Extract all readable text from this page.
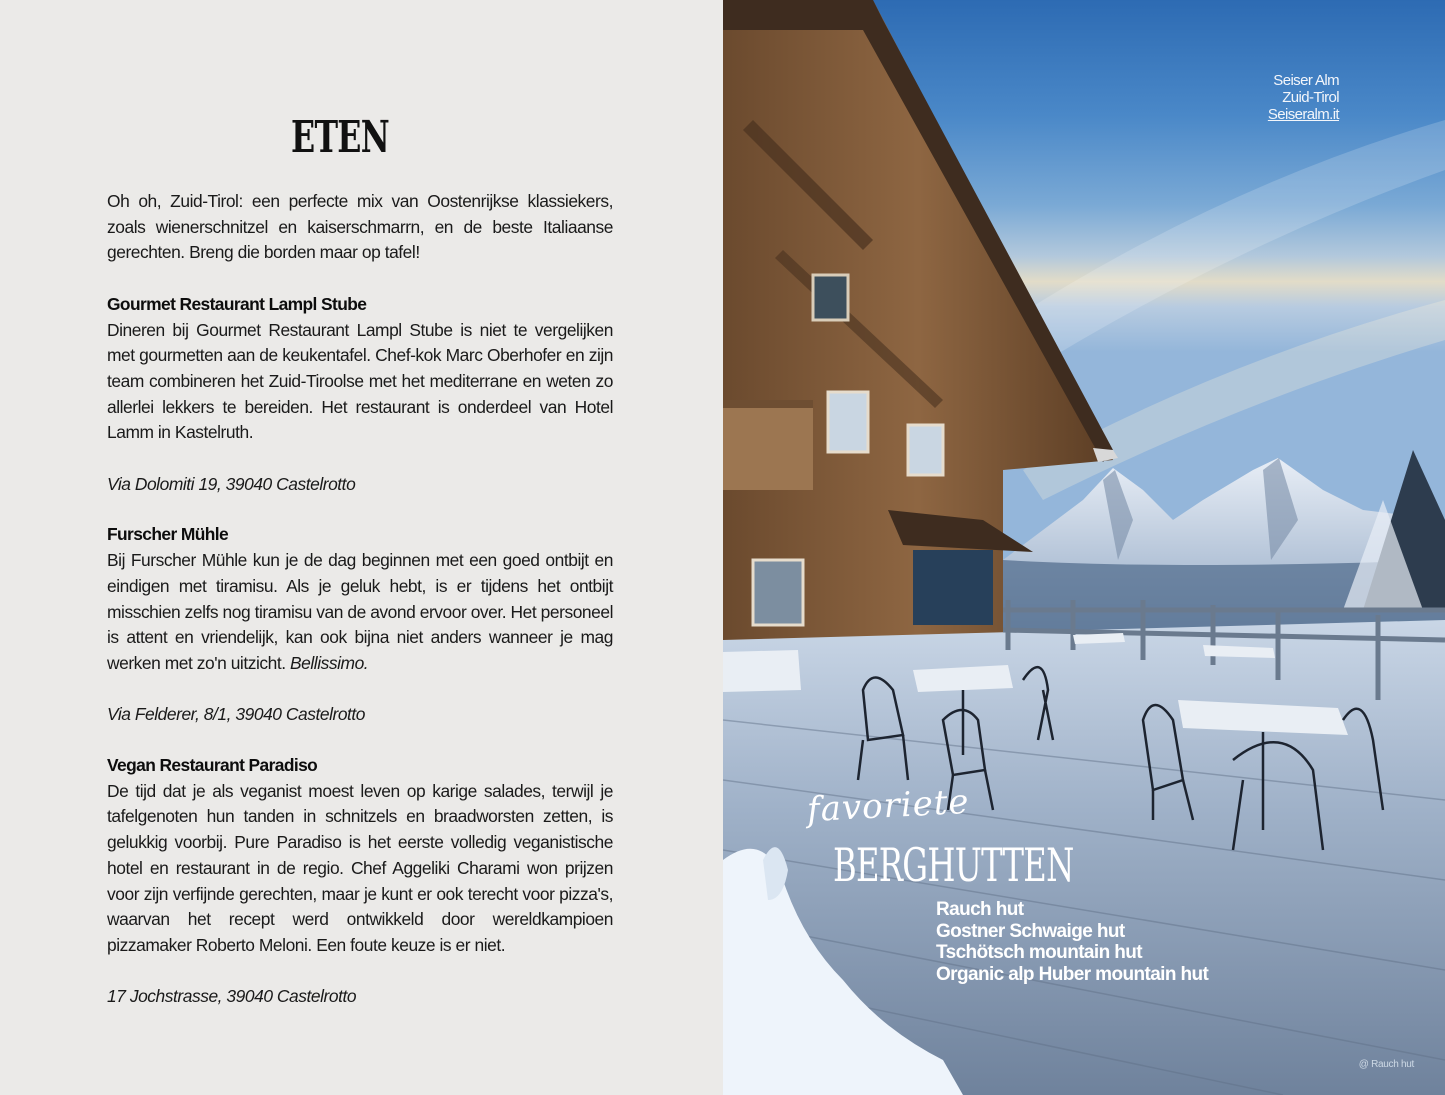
ETEN

Oh oh, Zuid-Tirol: een perfecte mix van Oostenrijkse klassiekers, zoals wienerschnitzel en kaiserschmarrn, en de beste Italiaanse gerechten. Breng die borden maar op tafel!

Gourmet Restaurant Lampl Stube

Dineren bij Gourmet Restaurant Lampl Stube is niet te vergelijken met gourmetten aan de keukentafel. Chef-kok Marc Oberhofer en zijn team combineren het Zuid-Tiroolse met het mediterrane en weten zo allerlei lekkers te bereiden. Het restaurant is onderdeel van Hotel Lamm in Kastelruth.

Via Dolomiti 19, 39040 Castelrotto

Furscher Mühle

Bij Furscher Mühle kun je de dag beginnen met een goed ontbijt en eindigen met tiramisu. Als je geluk hebt, is er tijdens het ontbijt misschien zelfs nog tiramisu van de avond ervoor over. Het personeel is attent en vriendelijk, kan ook bijna niet anders wanneer je mag werken met zo'n uitzicht. Bellissimo.

Via Felderer, 8/1, 39040 Castelrotto

Vegan Restaurant Paradiso

De tijd dat je als veganist moest leven op karige salades, terwijl je tafelgenoten hun tanden in schnitzels en braadworsten zetten, is gelukkig voorbij. Pure Paradiso is het eerste volledig veganistische hotel en restaurant in de regio. Chef Aggeliki Charami won prijzen voor zijn verfijnde gerechten, maar je kunt er ook terecht voor pizza's, waarvan het recept werd ontwikkeld door wereldkampioen pizzamaker Roberto Meloni. Een foute keuze is er niet.

17 Jochstrasse, 39040 Castelrotto

Seiser Alm
Zuid-Tirol
Seiseralm.it
favoriete
BERGHUTTEN
Rauch hut
Gostner Schwaige hut
Tschötsch mountain hut
Organic alp Huber mountain hut
@ Rauch hut
